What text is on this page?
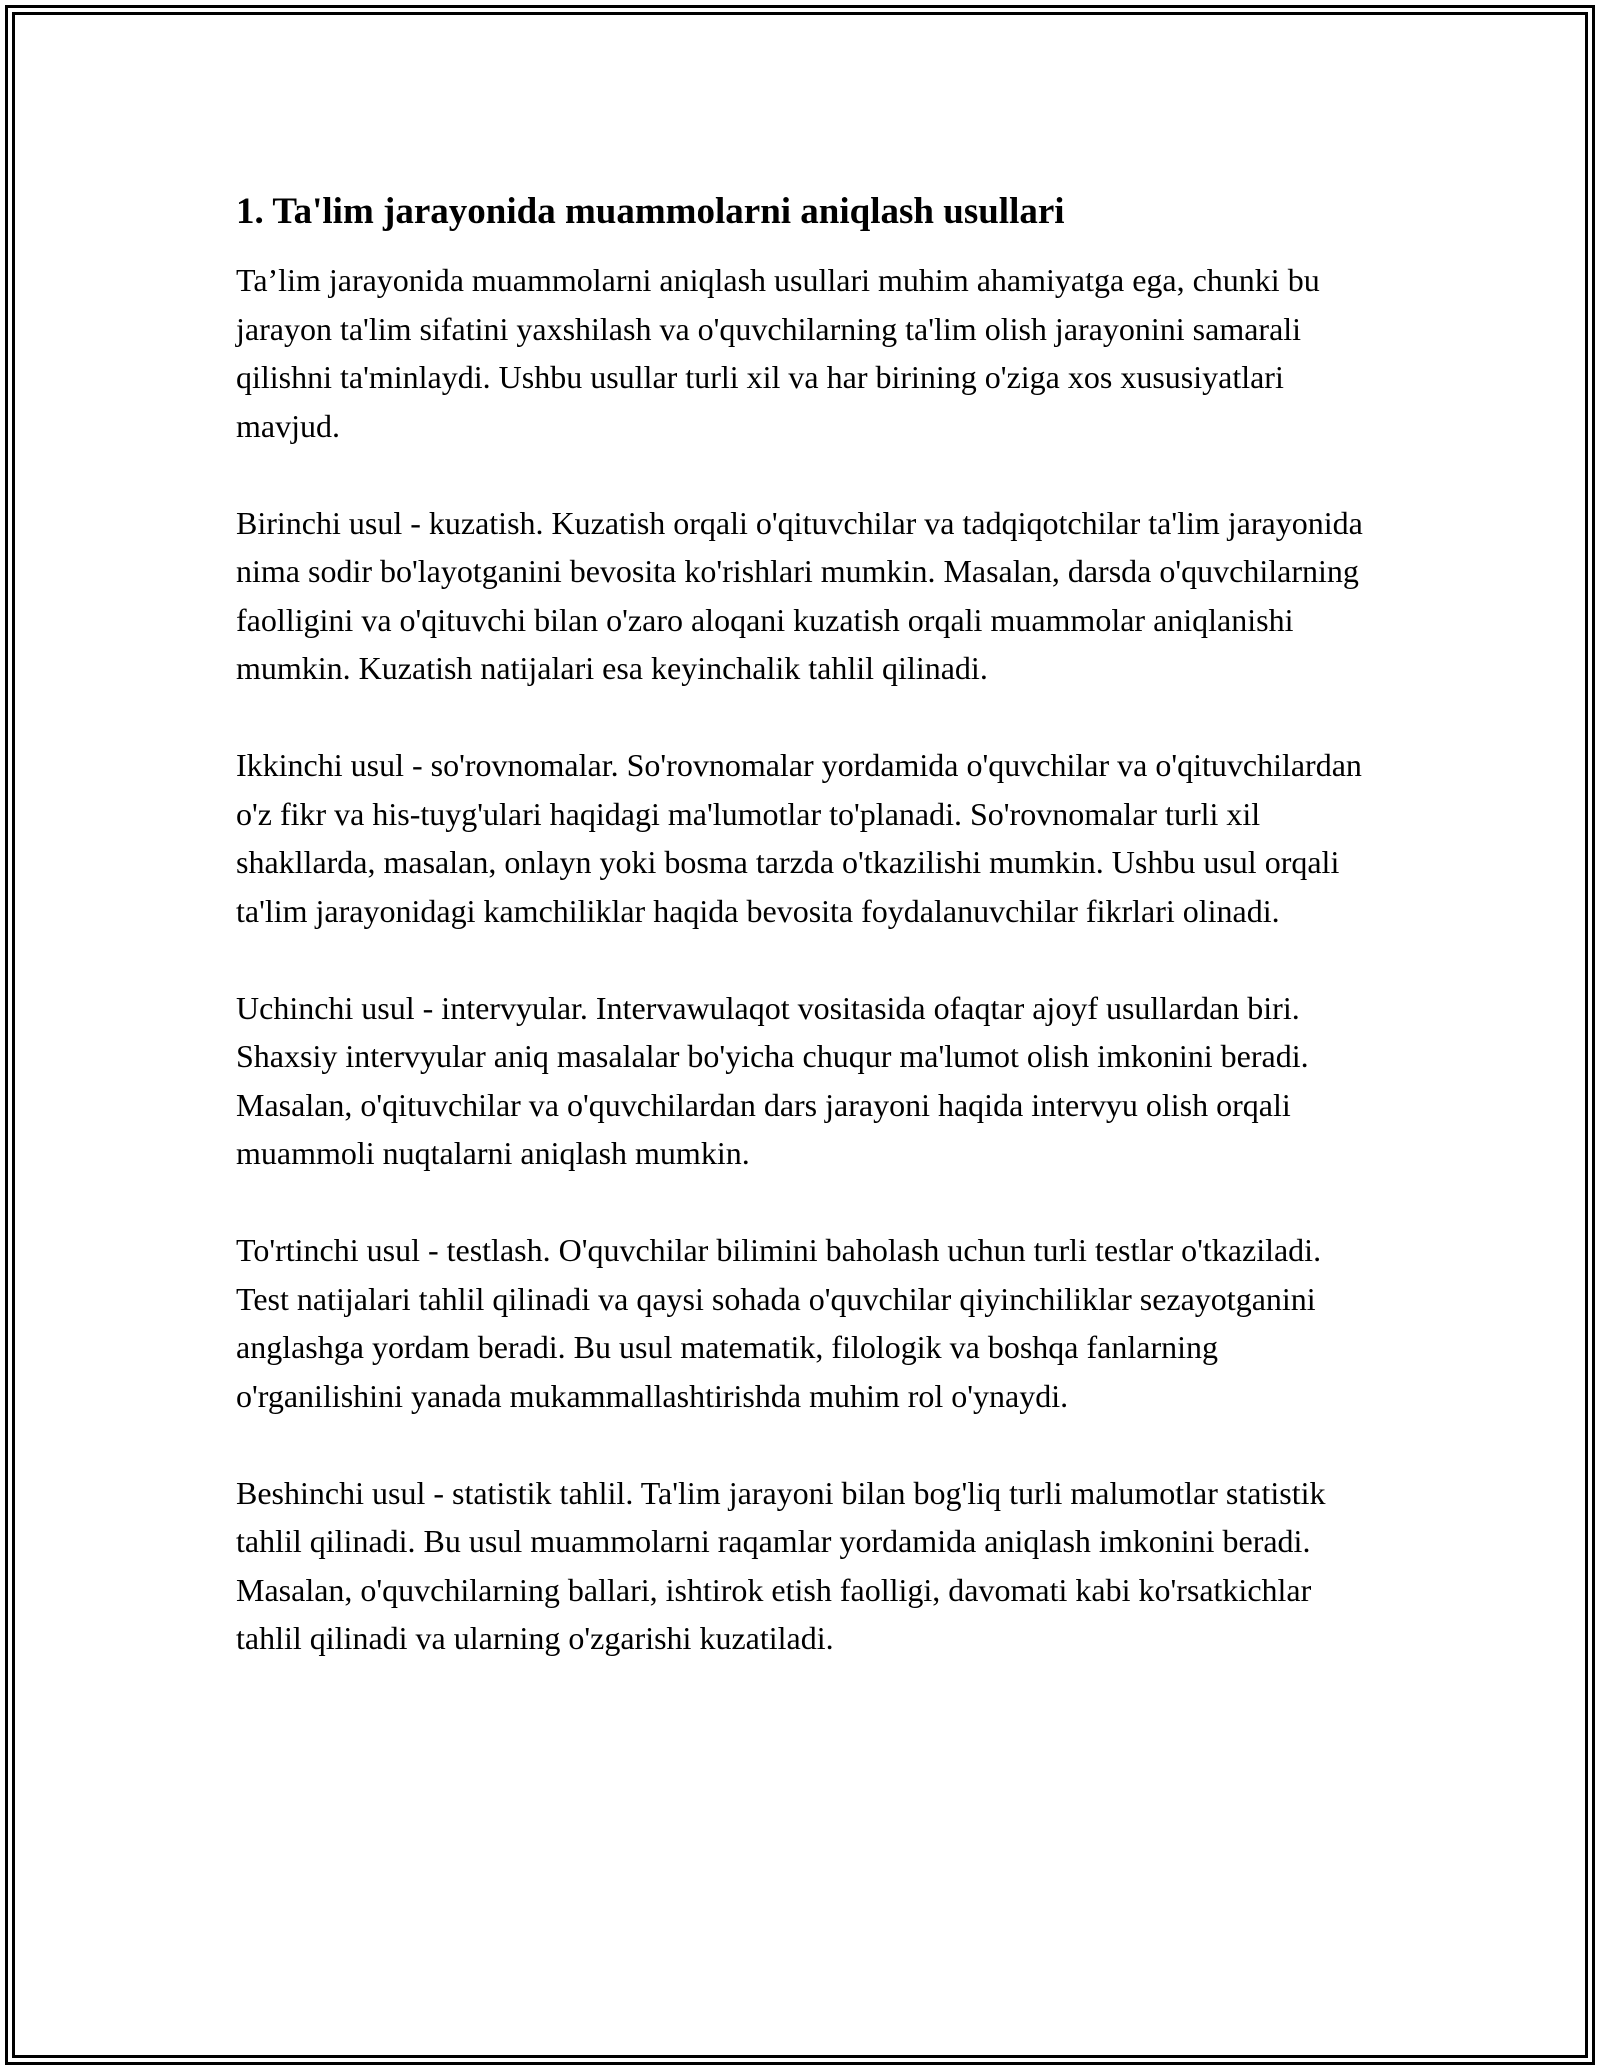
1. Ta'lim jarayonida muammolarni aniqlash usullari

Ta’lim jarayonida muammolarni aniqlash usullari muhim ahamiyatga ega, chunki bu jarayon ta'lim sifatini yaxshilash va o'quvchilarning ta'lim olish jarayonini samarali qilishni ta'minlaydi. Ushbu usullar turli xil va har birining o'ziga xos xususiyatlari mavjud.

Birinchi usul - kuzatish. Kuzatish orqali o'qituvchilar va tadqiqotchilar ta'lim jarayonida nima sodir bo'layotganini bevosita ko'rishlari mumkin. Masalan, darsda o'quvchilarning faolligini va o'qituvchi bilan o'zaro aloqani kuzatish orqali muammolar aniqlanishi mumkin. Kuzatish natijalari esa keyinchalik tahlil qilinadi.

Ikkinchi usul - so'rovnomalar. So'rovnomalar yordamida o'quvchilar va o'qituvchilardan o'z fikr va his-tuyg'ulari haqidagi ma'lumotlar to'planadi. So'rovnomalar turli xil shakllarda, masalan, onlayn yoki bosma tarzda o'tkazilishi mumkin. Ushbu usul orqali ta'lim jarayonidagi kamchiliklar haqida bevosita foydalanuvchilar fikrlari olinadi.

Uchinchi usul - intervyular. Intervawulaqot vositasida ofaqtar ajoyf usullardan biri. Shaxsiy intervyular aniq masalalar bo'yicha chuqur ma'lumot olish imkonini beradi. Masalan, o'qituvchilar va o'quvchilardan dars jarayoni haqida intervyu olish orqali muammoli nuqtalarni aniqlash mumkin.

To'rtinchi usul - testlash. O'quvchilar bilimini baholash uchun turli testlar o'tkaziladi. Test natijalari tahlil qilinadi va qaysi sohada o'quvchilar qiyinchiliklar sezayotganini anglashga yordam beradi. Bu usul matematik, filologik va boshqa fanlarning o'rganilishini yanada mukammallashtirishda muhim rol o'ynaydi.

Beshinchi usul - statistik tahlil. Ta'lim jarayoni bilan bog'liq turli malumotlar statistik tahlil qilinadi. Bu usul muammolarni raqamlar yordamida aniqlash imkonini beradi. Masalan, o'quvchilarning ballari, ishtirok etish faolligi, davomati kabi ko'rsatkichlar tahlil qilinadi va ularning o'zgarishi kuzatiladi.
